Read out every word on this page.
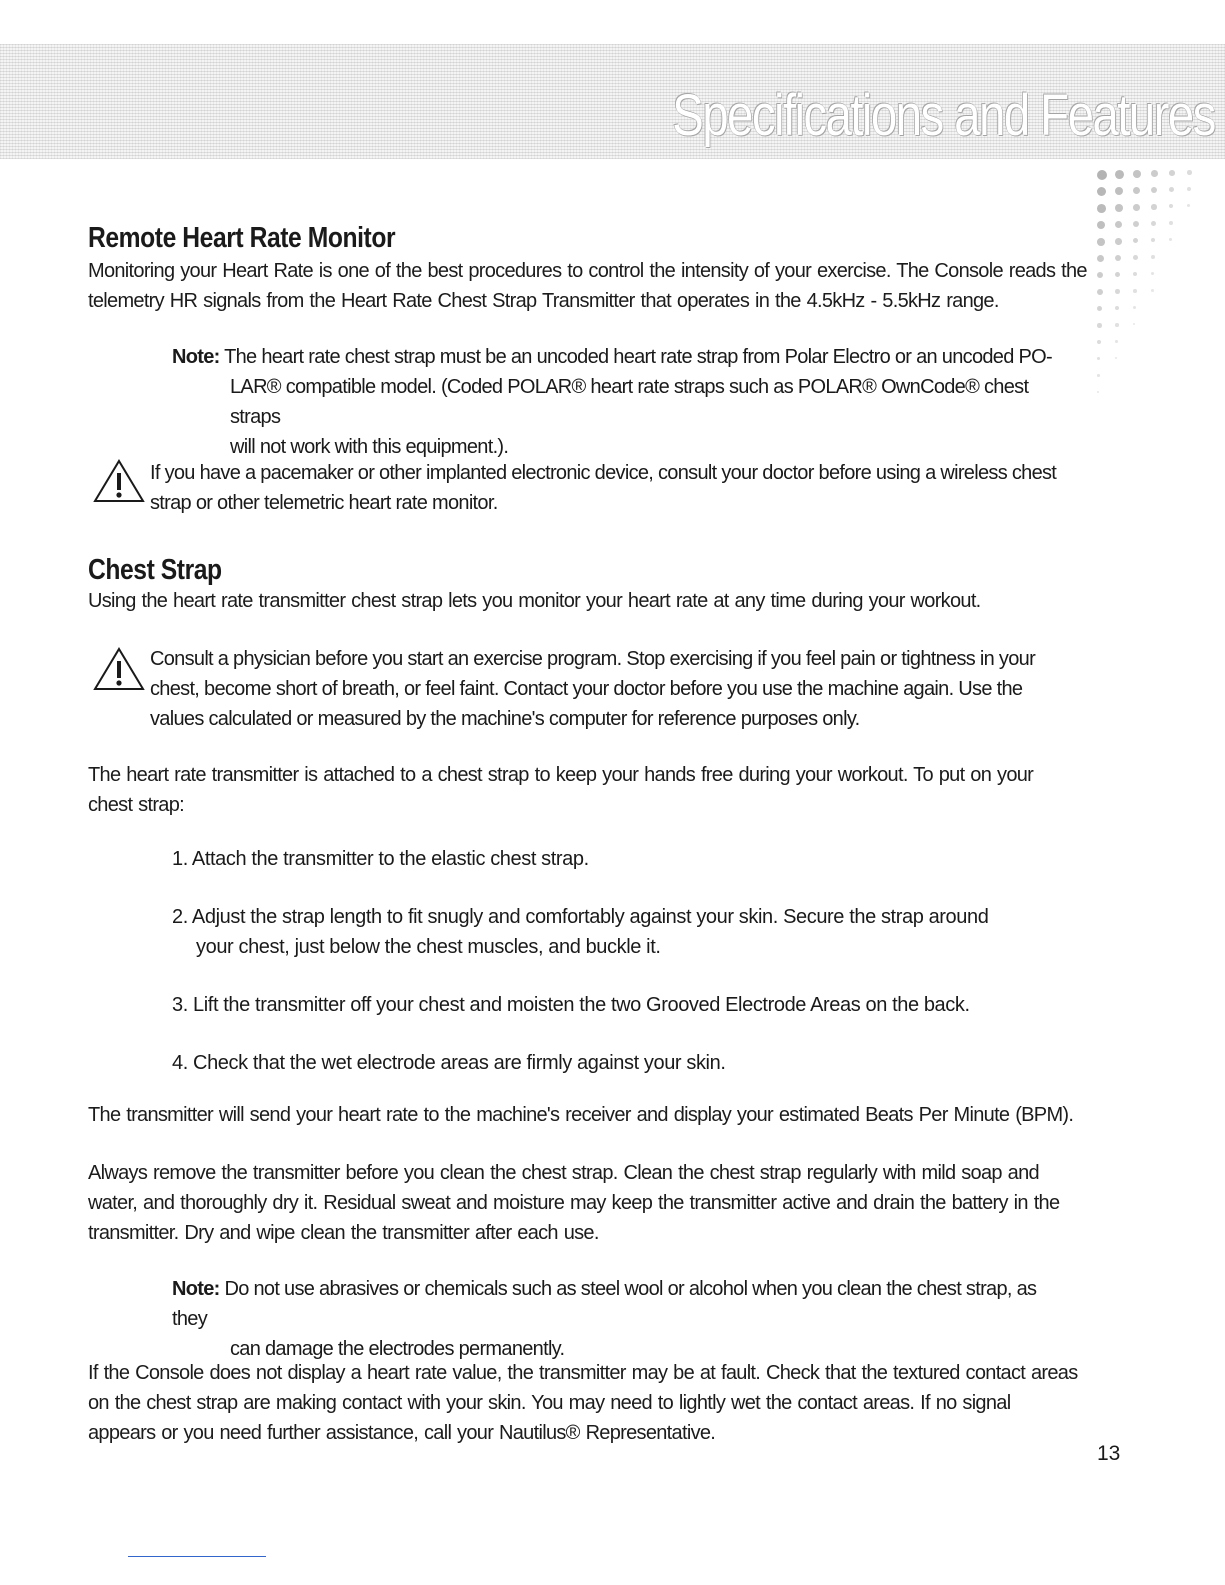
Specifications and Features
Remote Heart Rate Monitor
Monitoring your Heart Rate is one of the best procedures to control the intensity of your exercise. The Console reads the telemetry HR signals from the Heart Rate Chest Strap Transmitter that operates in the 4.5kHz - 5.5kHz range.
Note: The heart rate chest strap must be an uncoded heart rate strap from Polar Electro or an uncoded PO-
LAR® compatible model. (Coded POLAR® heart rate straps such as POLAR® OwnCode® chest straps
will not work with this equipment.).
If you have a pacemaker or other implanted electronic device, consult your doctor before using a wireless chest
strap or other telemetric heart rate monitor.
Chest Strap
Using the heart rate transmitter chest strap lets you monitor your heart rate at any time during your workout.
Consult a physician before you start an exercise program. Stop exercising if you feel pain or tightness in your
chest, become short of breath, or feel faint. Contact your doctor before you use the machine again. Use the
values calculated or measured by the machine's computer for reference purposes only.
The heart rate transmitter is attached to a chest strap to keep your hands free during your workout. To put on your chest strap:
1. Attach the transmitter to the elastic chest strap.
2. Adjust the strap length to fit snugly and comfortably against your skin. Secure the strap around
your chest, just below the chest muscles, and buckle it.
3. Lift the transmitter off your chest and moisten the two Grooved Electrode Areas on the back.
4. Check that the wet electrode areas are firmly against your skin.
The transmitter will send your heart rate to the machine's receiver and display your estimated Beats Per Minute (BPM).
Always remove the transmitter before you clean the chest strap. Clean the chest strap regularly with mild soap and water, and thoroughly dry it. Residual sweat and moisture may keep the transmitter active and drain the battery in the transmitter. Dry and wipe clean the transmitter after each use.
Note: Do not use abrasives or chemicals such as steel wool or alcohol when you clean the chest strap, as they
can damage the electrodes permanently.
If the Console does not display a heart rate value, the transmitter may be at fault. Check that the textured contact areas on the chest strap are making contact with your skin. You may need to lightly wet the contact areas. If no signal appears or you need further assistance, call your Nautilus® Representative.
13
